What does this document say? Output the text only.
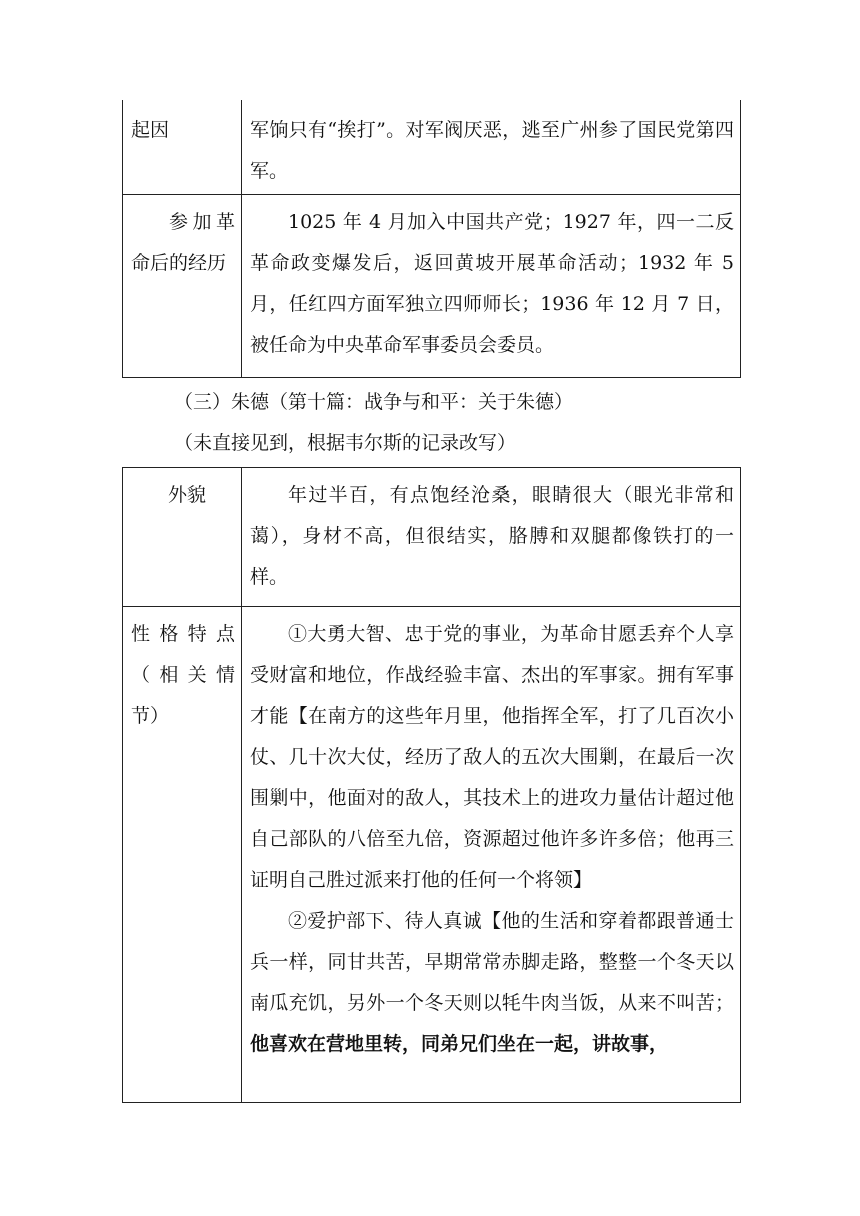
起因	军饷只有“挨打”。对军阀厌恶，逃至广州参了国民党第四军。

参加革命后的经历	1025 年 4 月加入中国共产党；1927 年，四一二反革命政变爆发后，返回黄坡开展革命活动；1932 年 5 月，任红四方面军独立四师师长；1936 年 12 月 7 日，被任命为中央革命军事委员会委员。
（三）朱德（第十篇：战争与和平：关于朱德）
（未直接见到，根据韦尔斯的记录改写）
外貌	年过半百，有点饱经沧桑，眼睛很大（眼光非常和蔼），身材不高，但很结实，胳膊和双腿都像铁打的一样。

性格特点（相关情节）	①大勇大智、忠于党的事业，为革命甘愿丢弃个人享受财富和地位，作战经验丰富、杰出的军事家。拥有军事才能【在南方的这些年月里，他指挥全军，打了几百次小仗、几十次大仗，经历了敌人的五次大围剿，在最后一次围剿中，他面对的敌人，其技术上的进攻力量估计超过他自己部队的八倍至九倍，资源超过他许多许多倍；他再三证明自己胜过派来打他的任何一个将领】
②爱护部下、待人真诚【他的生活和穿着都跟普通士兵一样，同甘共苦，早期常常赤脚走路，整整一个冬天以南瓜充饥，另外一个冬天则以牦牛肉当饭，从来不叫苦；他喜欢在营地里转，同弟兄们坐在一起，讲故事，
